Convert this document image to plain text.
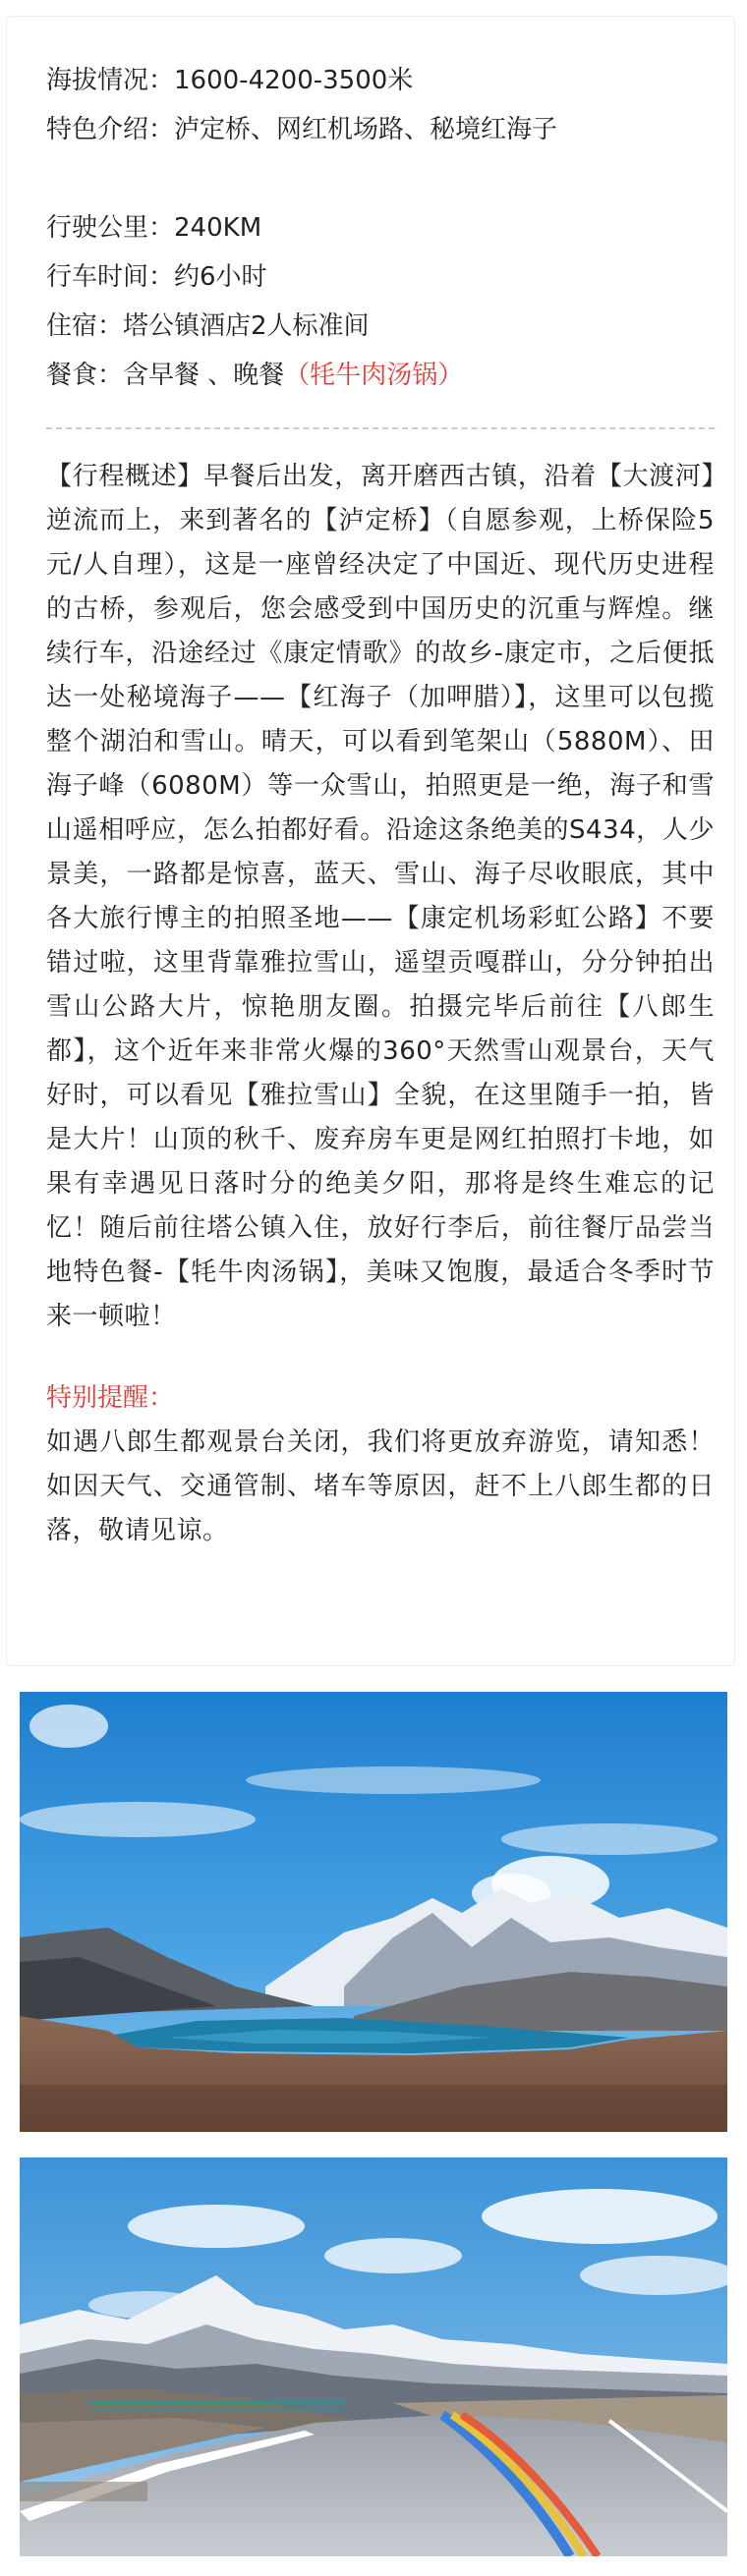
海拔情况：1600-4200-3500米
特色介绍：泸定桥、网红机场路、秘境红海子
行驶公里：240KM
行车时间：约6小时
住宿：塔公镇酒店2人标准间
餐食：含早餐 、晚餐（牦牛肉汤锅）
【行程概述】早餐后出发，离开磨西古镇，沿着【大渡河】逆流而上，来到著名的【泸定桥】（自愿参观，上桥保险5元/人自理），这是一座曾经决定了中国近、现代历史进程的古桥，参观后，您会感受到中国历史的沉重与辉煌。继续行车，沿途经过《康定情歌》的故乡-康定市，之后便抵达一处秘境海子——【红海子（加呷腊）】，这里可以包揽整个湖泊和雪山。晴天，可以看到笔架山（5880M）、田海子峰（6080M）等一众雪山，拍照更是一绝，海子和雪山遥相呼应，怎么拍都好看。沿途这条绝美的S434，人少景美，一路都是惊喜，蓝天、雪山、海子尽收眼底，其中各大旅行博主的拍照圣地——【康定机场彩虹公路】不要错过啦，这里背靠雅拉雪山，遥望贡嘎群山，分分钟拍出雪山公路大片，惊艳朋友圈。拍摄完毕后前往【八郎生都】，这个近年来非常火爆的360°天然雪山观景台，天气好时，可以看见【雅拉雪山】全貌，在这里随手一拍，皆是大片！山顶的秋千、废弃房车更是网红拍照打卡地，如果有幸遇见日落时分的绝美夕阳，那将是终生难忘的记忆！随后前往塔公镇入住，放好行李后，前往餐厅品尝当地特色餐-【牦牛肉汤锅】，美味又饱腹，最适合冬季时节来一顿啦！
特别提醒：
如遇八郎生都观景台关闭，我们将更放弃游览，请知悉！如因天气、交通管制、堵车等原因，赶不上八郎生都的日落，敬请见谅。
